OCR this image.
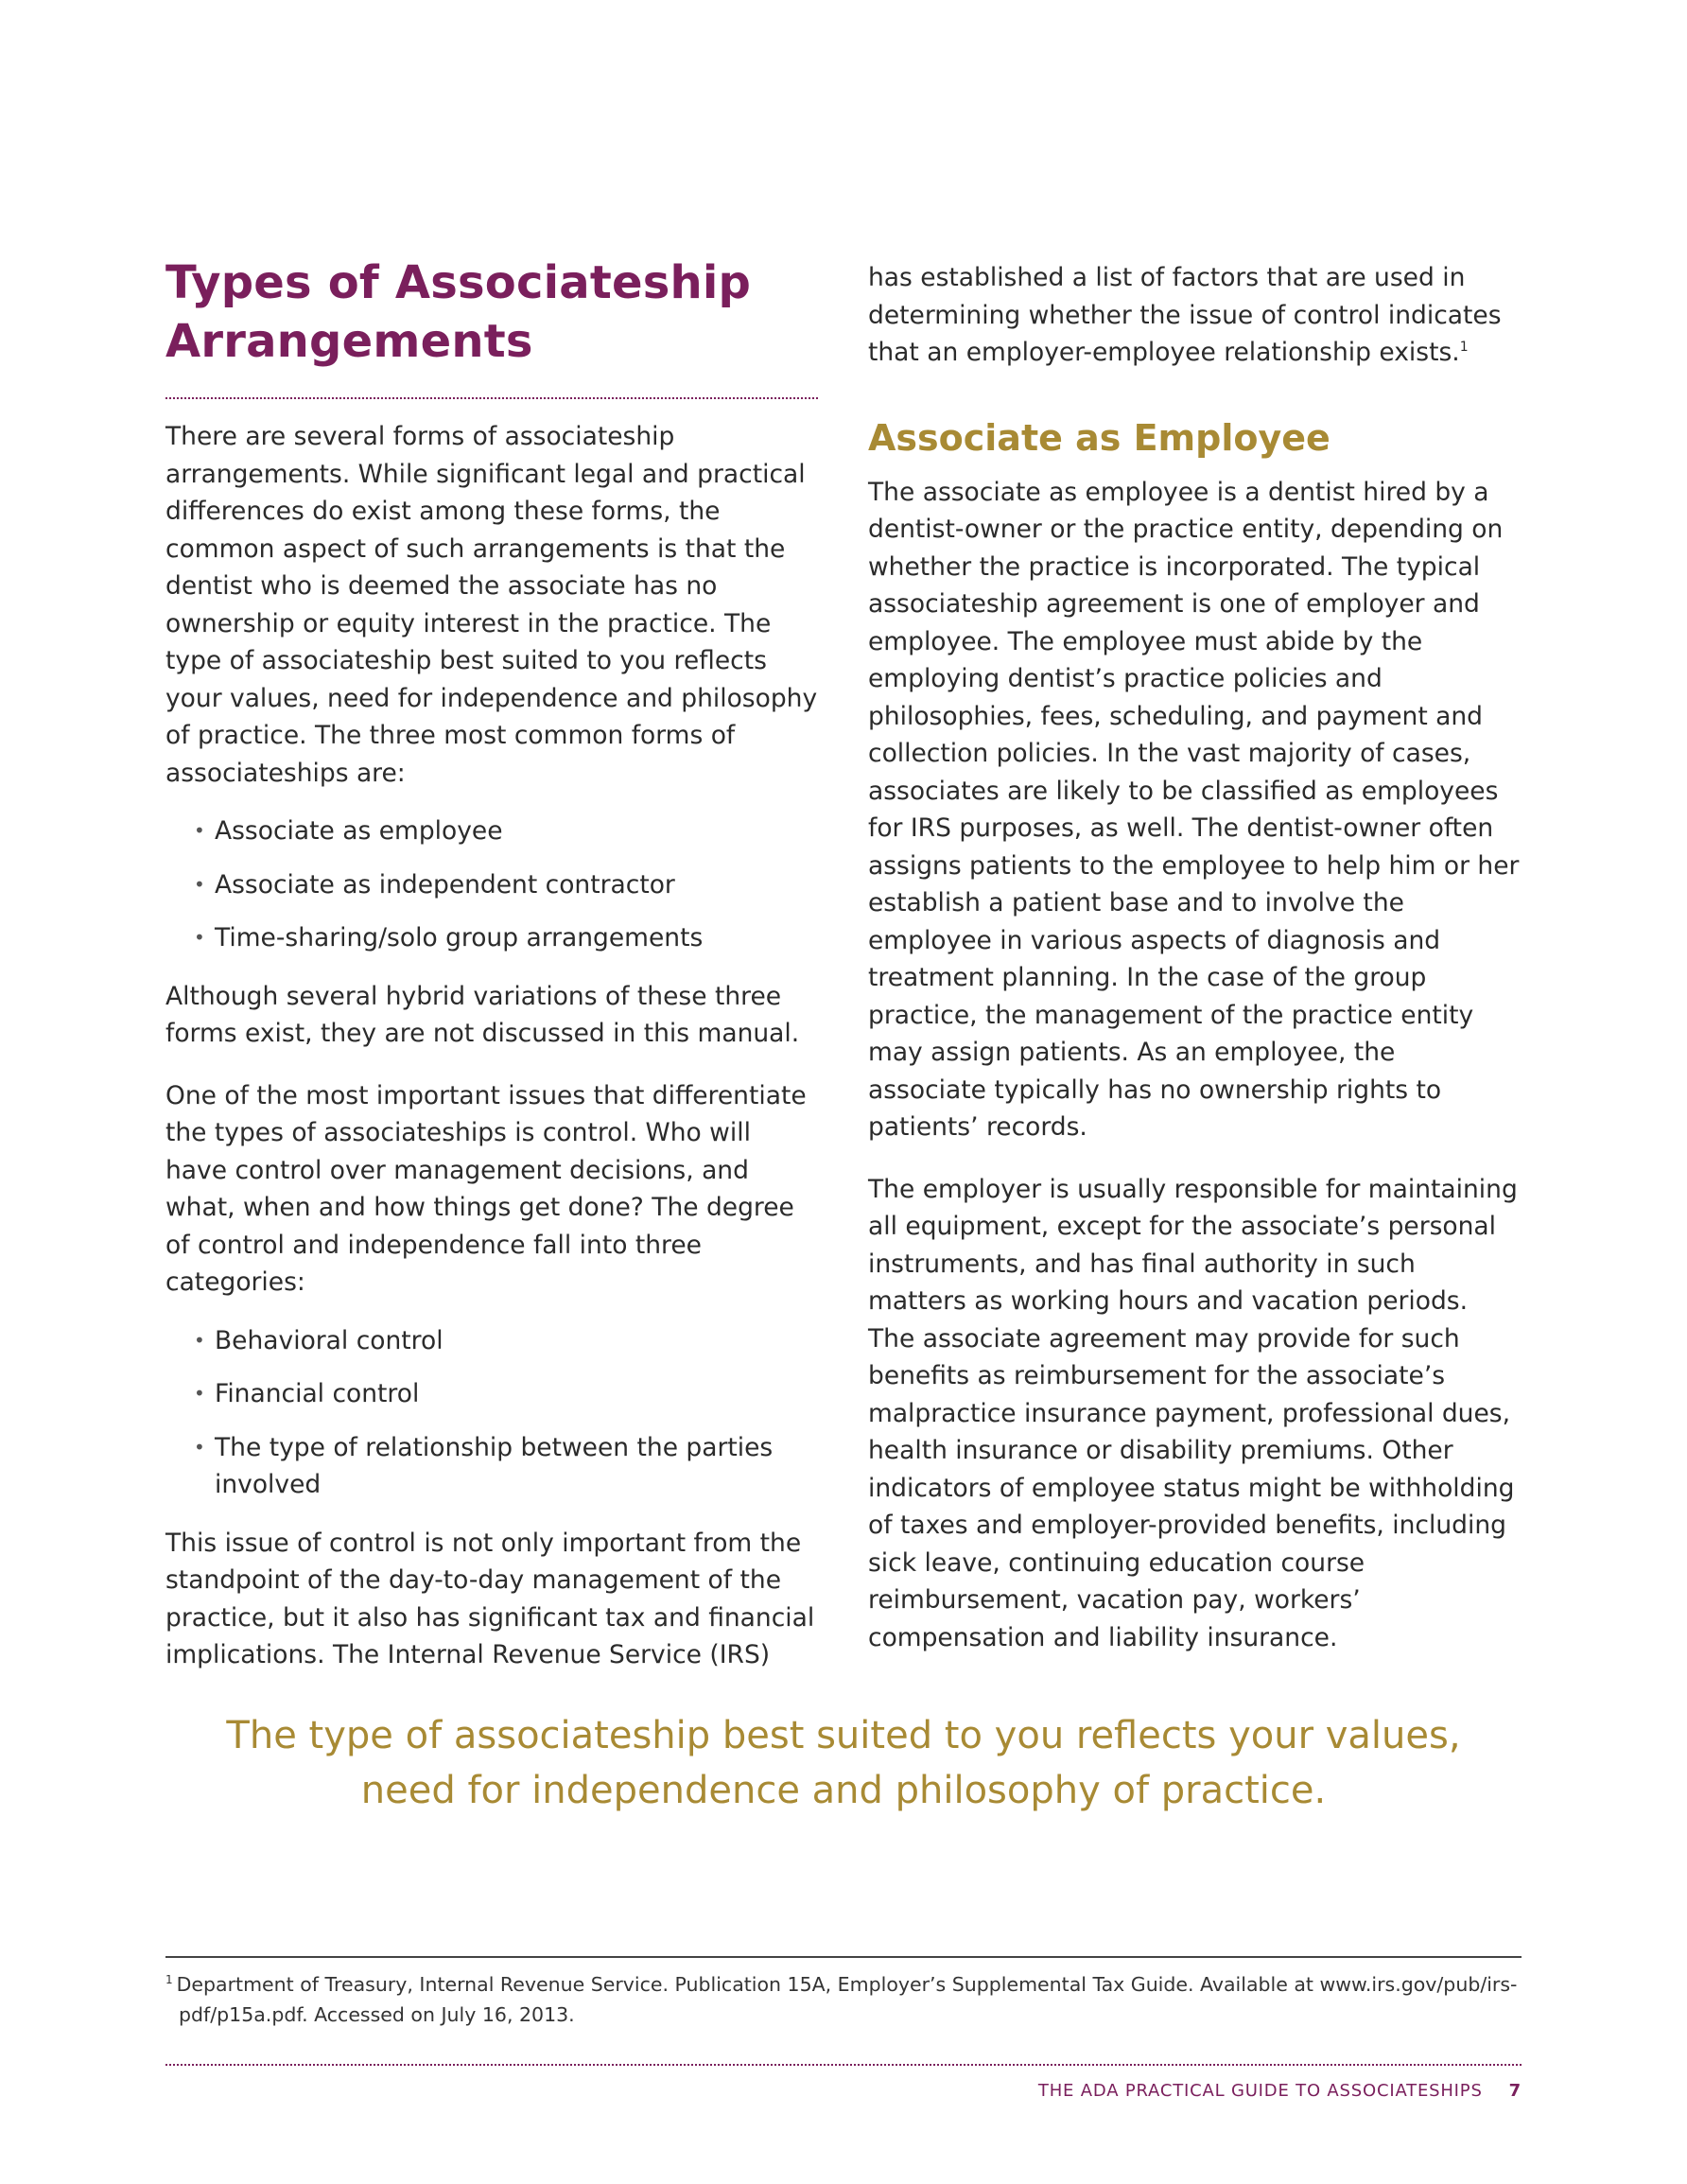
Types of Associateship
Arrangements

There are several forms of associateship arrangements. While significant legal and practical differences do exist among these forms, the common aspect of such arrangements is that the dentist who is deemed the associate has no ownership or equity interest in the practice. The type of associateship best suited to you reflects your values, need for independence and philosophy of practice. The three most common forms of associateships are:

• Associate as employee
• Associate as independent contractor
• Time-sharing/solo group arrangements

Although several hybrid variations of these three forms exist, they are not discussed in this manual.

One of the most important issues that differentiate the types of associateships is control. Who will have control over management decisions, and what, when and how things get done? The degree of control and independence fall into three categories:

• Behavioral control
• Financial control
• The type of relationship between the parties involved

This issue of control is not only important from the standpoint of the day-to-day management of the practice, but it also has significant tax and financial implications. The Internal Revenue Service (IRS)

has established a list of factors that are used in determining whether the issue of control indicates that an employer-employee relationship exists.$^1$

Associate as Employee

The associate as employee is a dentist hired by a dentist-owner or the practice entity, depending on whether the practice is incorporated. The typical associateship agreement is one of employer and employee. The employee must abide by the employing dentist’s practice policies and philosophies, fees, scheduling, and payment and collection policies. In the vast majority of cases, associates are likely to be classified as employees for IRS purposes, as well. The dentist-owner often assigns patients to the employee to help him or her establish a patient base and to involve the employee in various aspects of diagnosis and treatment planning. In the case of the group practice, the management of the practice entity may assign patients. As an employee, the associate typically has no ownership rights to patients’ records.

The employer is usually responsible for maintaining all equipment, except for the associate’s personal instruments, and has final authority in such matters as working hours and vacation periods. The associate agreement may provide for such benefits as reimbursement for the associate’s malpractice insurance payment, professional dues, health insurance or disability premiums. Other indicators of employee status might be withholding of taxes and employer-provided benefits, including sick leave, continuing education course reimbursement, vacation pay, workers’ compensation and liability insurance.

The type of associateship best suited to you reflects your values,
need for independence and philosophy of practice.
$^1$ Department of Treasury, Internal Revenue Service. Publication 15A, Employer’s Supplemental Tax Guide. Available at www.irs.gov/pub/irs-pdf/p15a.pdf. Accessed on July 16, 2013.
THE ADA PRACTICAL GUIDE TO ASSOCIATESHIPS 7
